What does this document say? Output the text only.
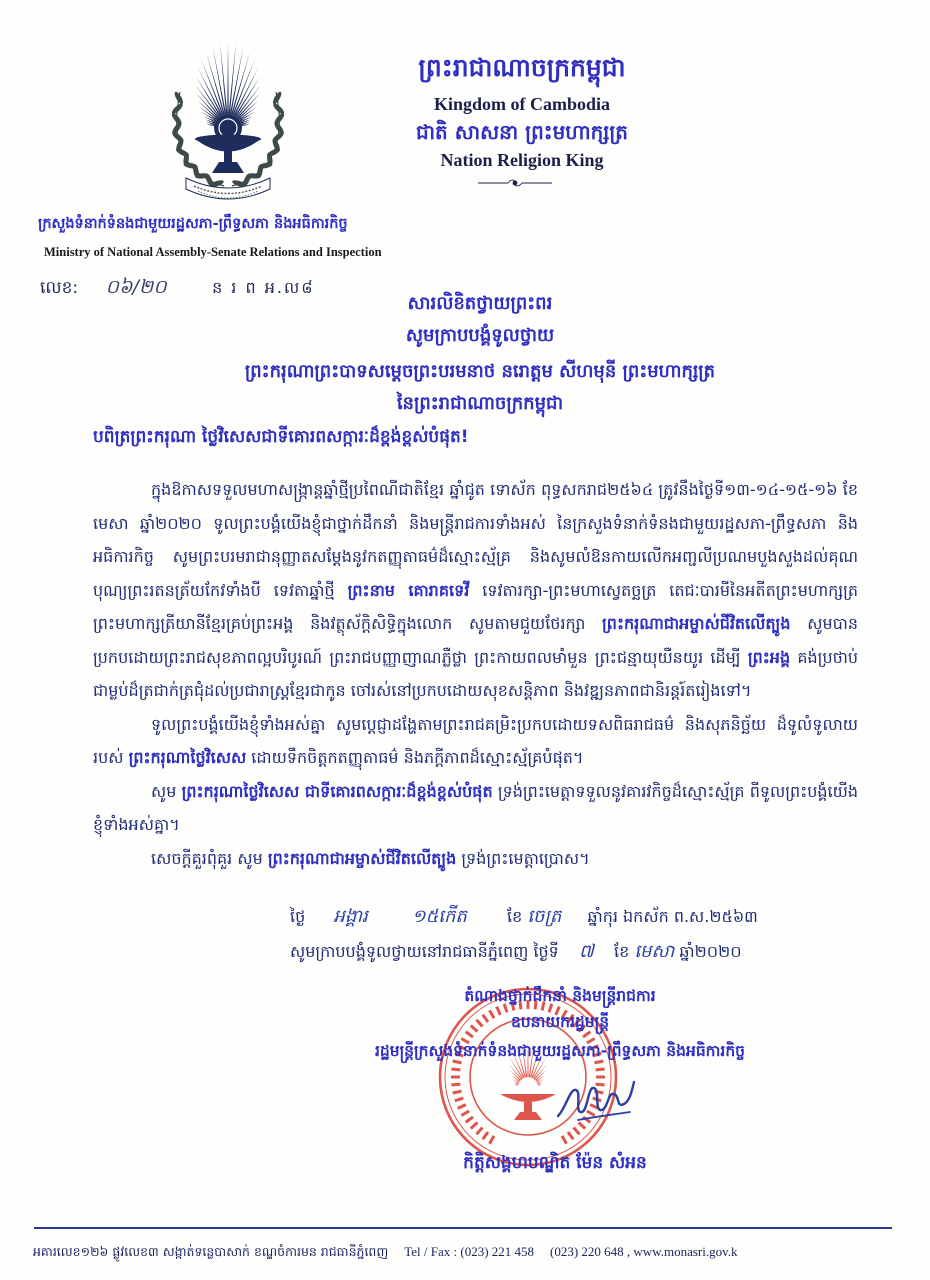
ព្រះរាជាណាចក្រកម្ពុជា
Kingdom of Cambodia
ជាតិ សាសនា ព្រះមហាក្សត្រ
Nation Religion King
ក្រសួងទំនាក់ទំនងជាមួយរដ្ឋសភា-ព្រឹទ្ធសភា និងអធិការកិច្ច
Ministry of National Assembly-Senate Relations and Inspection
លេខ: ០៦/២០	ន រ ព អ.ល៨
សារលិខិតថ្វាយព្រះពរ
សូមក្រាបបង្គំទូលថ្វាយ
ព្រះករុណាព្រះបាទសម្តេចព្រះបរមនាថ នរោត្តម សីហមុនី ព្រះមហាក្សត្រ
នៃព្រះរាជាណាចក្រកម្ពុជា
បពិត្រព្រះករុណា ថ្លៃវិសេសជាទីគោរពសក្ការៈដ៏ខ្ពង់ខ្ពស់បំផុត!

ក្នុងឱកាសទទួលមហាសង្ក្រាន្តឆ្នាំថ្មីប្រពៃណីជាតិខ្មែរ ឆ្នាំជូត ទោស័ក ពុទ្ធសករាជ២៥៦៤ ត្រូវនឹងថ្ងៃទី១៣-១៤-១៥-១៦ ខែមេសា ឆ្នាំ២០២០ ទូលព្រះបង្គំយើងខ្ញុំជាថ្នាក់ដឹកនាំ និងមន្ត្រីរាជការទាំងអស់ នៃក្រសួងទំនាក់ទំនងជាមួយរដ្ឋសភា-ព្រឹទ្ធសភា និងអធិការកិច្ច សូមព្រះបរមរាជានុញ្ញាតសម្តែងនូវកតញ្ញុតាធម៌ដ៏ស្មោះស្ម័គ្រ និងសូមលំឱនកាយលើកអញ្ជលីប្រណមបួងសួងដល់គុណបុណ្យព្រះរតនត្រ័យកែវទាំងបី ទេវតាឆ្នាំថ្មី ព្រះនាម គោរាគទេវី ទេវតារក្សា-ព្រះមហាស្វេតច្ឆត្រ តេជៈបារមីនៃអតីតព្រះមហាក្សត្រ ព្រះមហាក្សត្រីយានីខ្មែរគ្រប់ព្រះអង្គ និងវត្ថុស័ក្តិសិទ្ធិក្នុងលោក សូមតាមជួយថែរក្សា ព្រះករុណាជាអម្ចាស់ជីវិតលើត្បូង សូមបានប្រកបដោយព្រះរាជសុខភាពល្អបរិបូរណ៍ ព្រះរាជបញ្ញាញាណភ្លឺថ្លា ព្រះកាយពលមាំមួន ព្រះជន្មាយុយឺនយូរ ដើម្បី ព្រះអង្គ គង់ប្រថាប់ជាម្លប់ដ៏ត្រជាក់ត្រជុំដល់ប្រជារាស្ត្រខ្មែរជាកូន ចៅរស់នៅប្រកបដោយសុខសន្តិភាព និងវឌ្ឍនភាពជានិរន្តរ៍តរៀងទៅ។

ទូលព្រះបង្គំយើងខ្ញុំទាំងអស់គ្នា សូមប្តេជ្ញាដង្ហែតាមព្រះរាជគម្រិះប្រកបដោយទសពិធរាជធម៌ និងសុភនិច្ឆ័យ ដ៏ទូលំទូលាយ របស់ ព្រះករុណាថ្លៃវិសេស ដោយទឹកចិត្តកតញ្ញុតាធម៌ និងភក្តីភាពដ៏ស្មោះស្ម័គ្របំផុត។

សូម ព្រះករុណាថ្លៃវិសេស ជាទីគោរពសក្ការៈដ៏ខ្ពង់ខ្ពស់បំផុត ទ្រង់ព្រះមេត្តាទទួលនូវគារវកិច្ចដ៏ស្មោះស្ម័គ្រ ពីទូលព្រះបង្គំយើងខ្ញុំទាំងអស់គ្នា។

សេចក្តីគួរពុំគួរ សូម ព្រះករុណាជាអម្ចាស់ជីវិតលើត្បូង ទ្រង់ព្រះមេត្តាប្រោស។

ថ្ងៃ អង្គារ ១៥កើត	ខែ ចេត្រ ឆ្នាំកុរ ឯកស័ក ព.ស.២៥៦៣
សូមក្រាបបង្គំទូលថ្វាយនៅរាជធានីភ្នំពេញ ថ្ងៃទី ៧ ខែ មេសា ឆ្នាំ២០២០
តំណាងថ្នាក់ដឹកនាំ និងមន្ត្រីរាជការ
ឧបនាយករដ្ឋមន្ត្រី
រដ្ឋមន្ត្រីក្រសួងទំនាក់ទំនងជាមួយរដ្ឋសភា-ព្រឹទ្ធសភា និងអធិការកិច្ច
កិត្តិសង្គហបណ្ឌិត ម៉ែន សំអន
អគារលេខ១២៦ ផ្លូវលេខ៣ សង្កាត់ទន្លេបាសាក់ ខណ្ឌចំការមន រាជធានីភ្នំពេញ Tel / Fax : (023) 221 458 (023) 220 648 , www.monasri.gov.k
